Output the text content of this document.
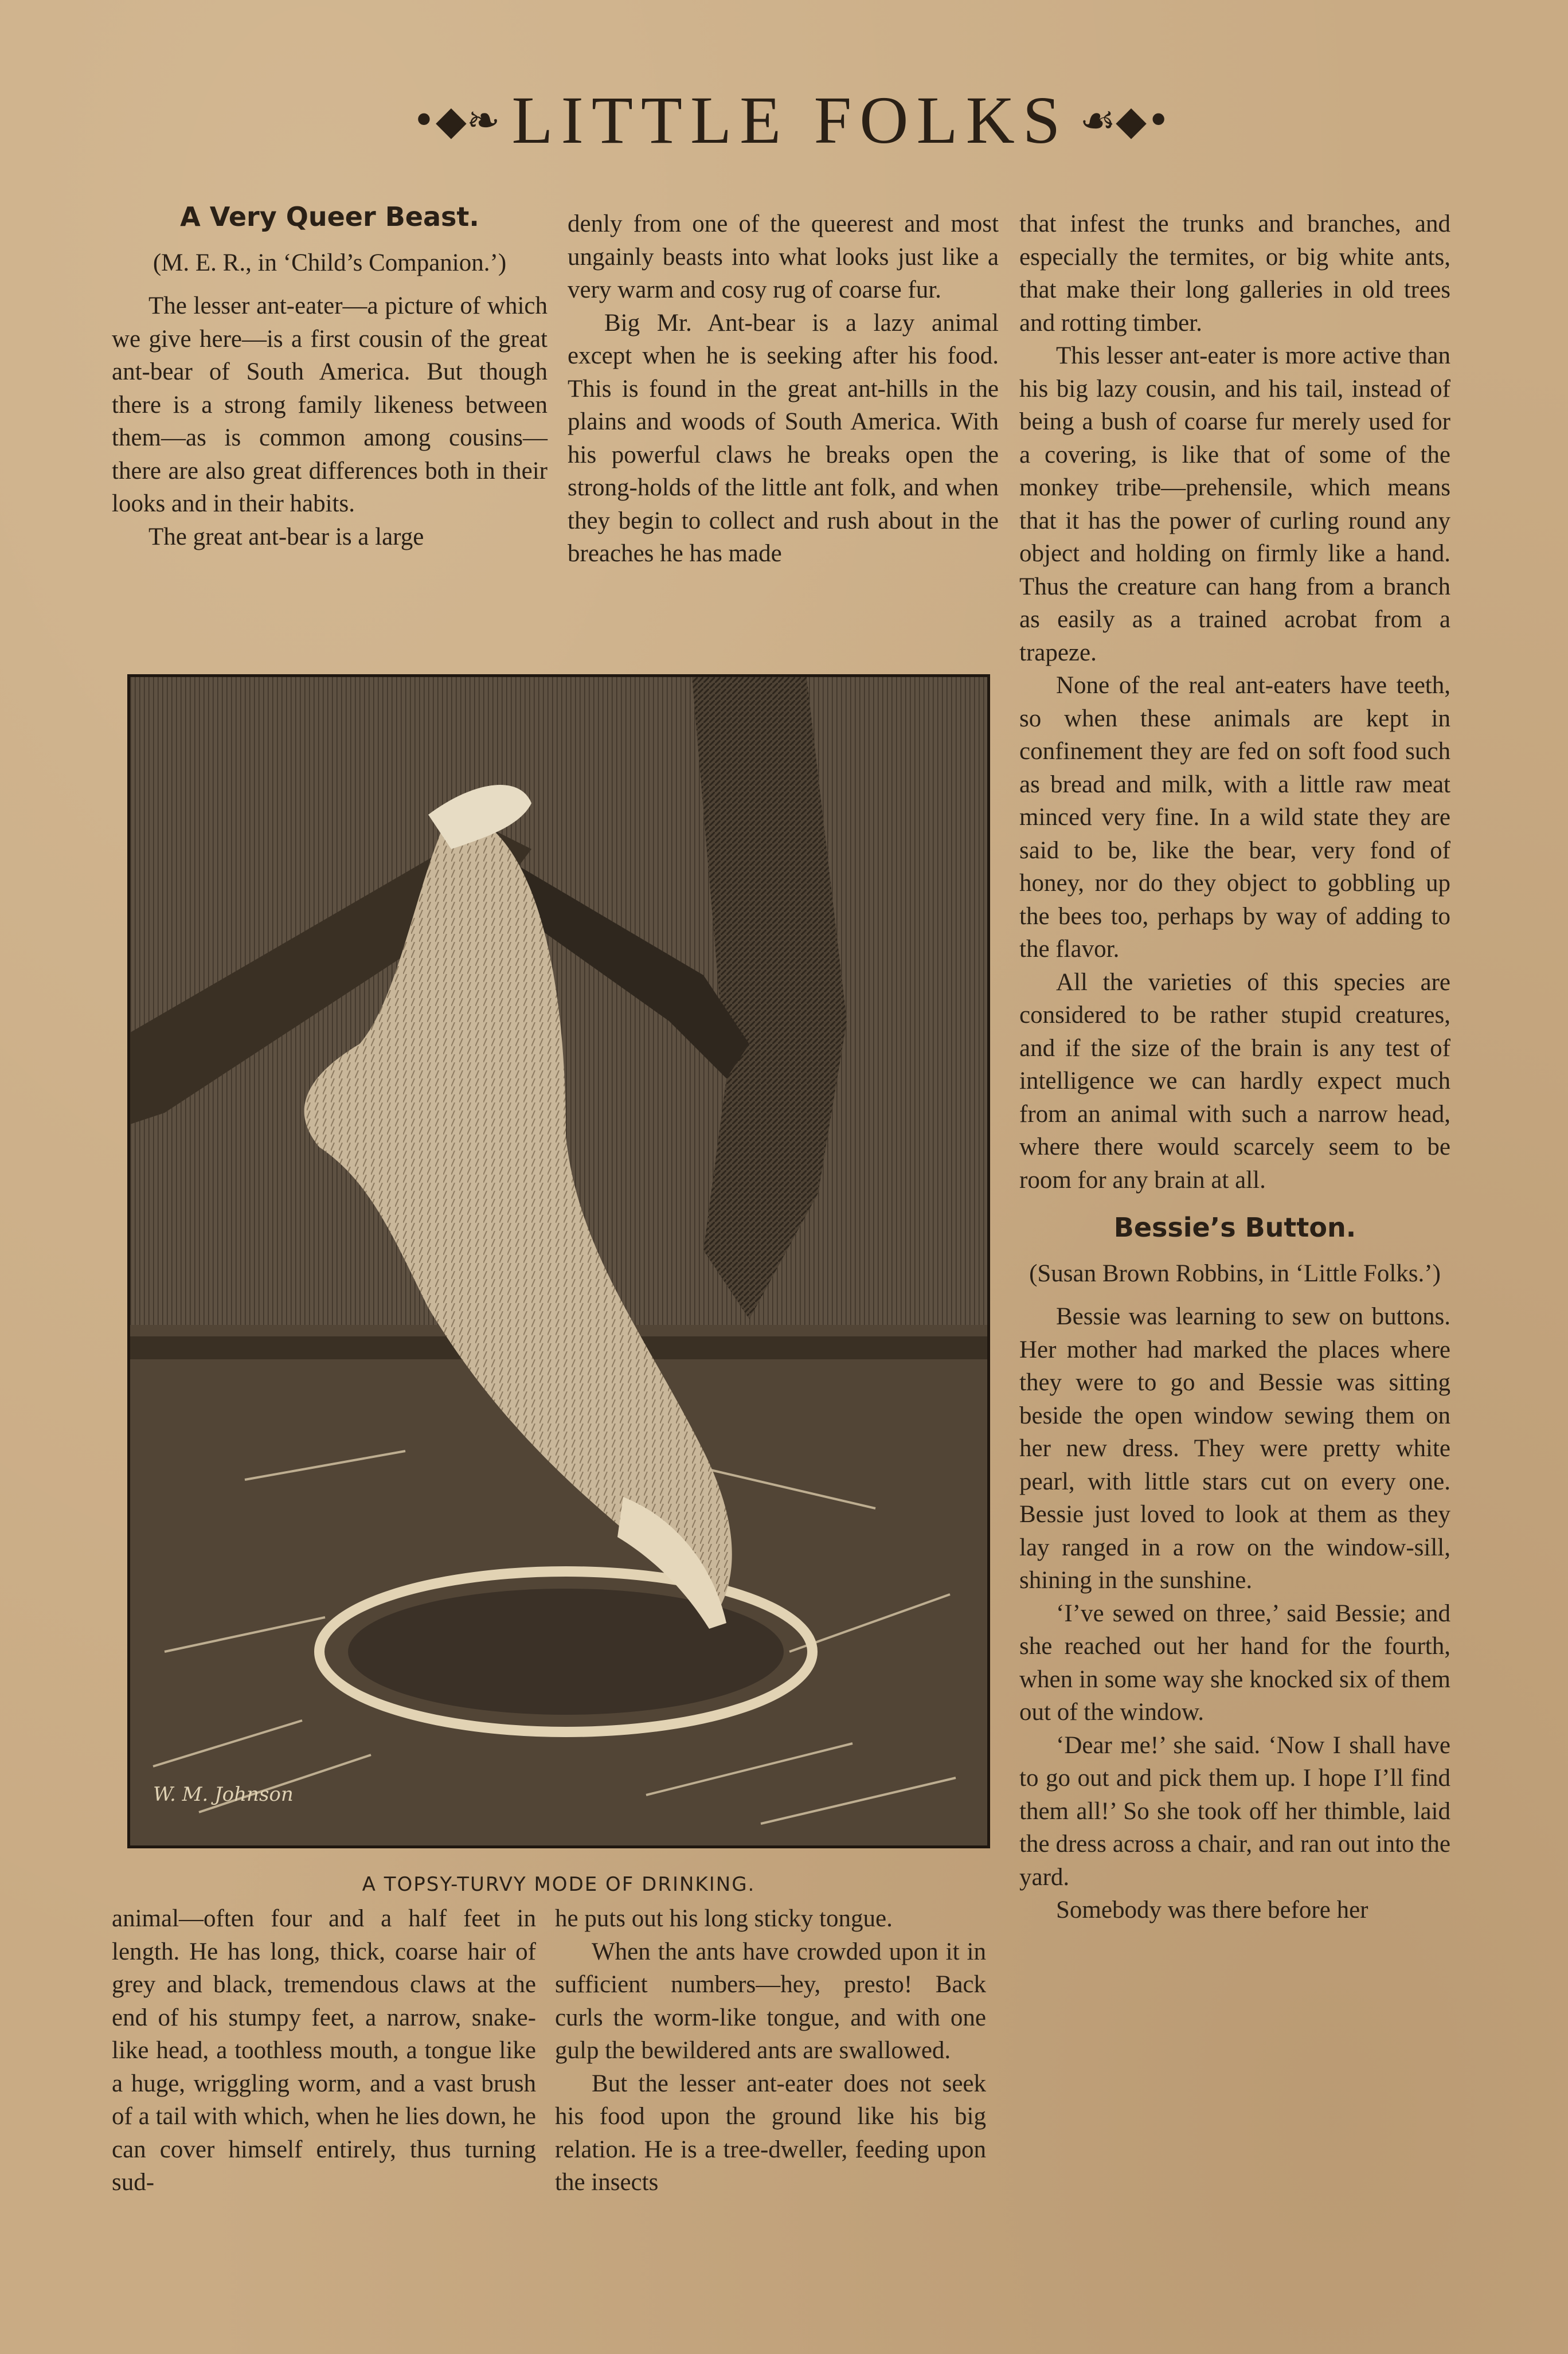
•◆❧ LITTLE FOLKS ☙◆•

A Very Queer Beast.

(M. E. R., in ‘Child’s Companion.’)

The lesser ant-eater—a picture of which we give here—is a first cousin of the great ant-bear of South America. But though there is a strong family likeness between them—as is common among cousins—there are also great differences both in their looks and in their habits.

The great ant-bear is a large

denly from one of the queerest and most ungainly beasts into what looks just like a very warm and cosy rug of coarse fur.

Big Mr. Ant-bear is a lazy animal except when he is seeking after his food. This is found in the great ant-hills in the plains and woods of South America. With his powerful claws he breaks open the strong-holds of the little ant folk, and when they begin to collect and rush about in the breaches he has made

that infest the trunks and branches, and especially the termites, or big white ants, that make their long galleries in old trees and rotting timber.

This lesser ant-eater is more active than his big lazy cousin, and his tail, instead of being a bush of coarse fur merely used for a covering, is like that of some of the monkey tribe—prehensile, which means that it has the power of curling round any object and holding on firmly like a hand. Thus the creature can hang from a branch as easily as a trained acrobat from a trapeze.

None of the real ant-eaters have teeth, so when these animals are kept in confinement they are fed on soft food such as bread and milk, with a little raw meat minced very fine. In a wild state they are said to be, like the bear, very fond of honey, nor do they object to gobbling up the bees too, perhaps by way of adding to the flavor.

All the varieties of this species are considered to be rather stupid creatures, and if the size of the brain is any test of intelligence we can hardly expect much from an animal with such a narrow head, where there would scarcely seem to be room for any brain at all.

Bessie’s Button.

(Susan Brown Robbins, in ‘Little Folks.’)

Bessie was learning to sew on buttons. Her mother had marked the places where they were to go and Bessie was sitting beside the open window sewing them on her new dress. They were pretty white pearl, with little stars cut on every one. Bessie just loved to look at them as they lay ranged in a row on the window-sill, shining in the sunshine.

‘I’ve sewed on three,’ said Bessie; and she reached out her hand for the fourth, when in some way she knocked six of them out of the window.

‘Dear me!’ she said. ‘Now I shall have to go out and pick them up. I hope I’ll find them all!’ So she took off her thimble, laid the dress across a chair, and ran out into the yard.

Somebody was there before her

W. M. Johnson
A TOPSY-TURVY MODE OF DRINKING.

animal—often four and a half feet in length. He has long, thick, coarse hair of grey and black, tremendous claws at the end of his stumpy feet, a narrow, snake-like head, a toothless mouth, a tongue like a huge, wriggling worm, and a vast brush of a tail with which, when he lies down, he can cover himself entirely, thus turning sud-

he puts out his long sticky tongue.

When the ants have crowded upon it in sufficient numbers—hey, presto! Back curls the worm-like tongue, and with one gulp the bewildered ants are swallowed.

But the lesser ant-eater does not seek his food upon the ground like his big relation. He is a tree-dweller, feeding upon the insects
